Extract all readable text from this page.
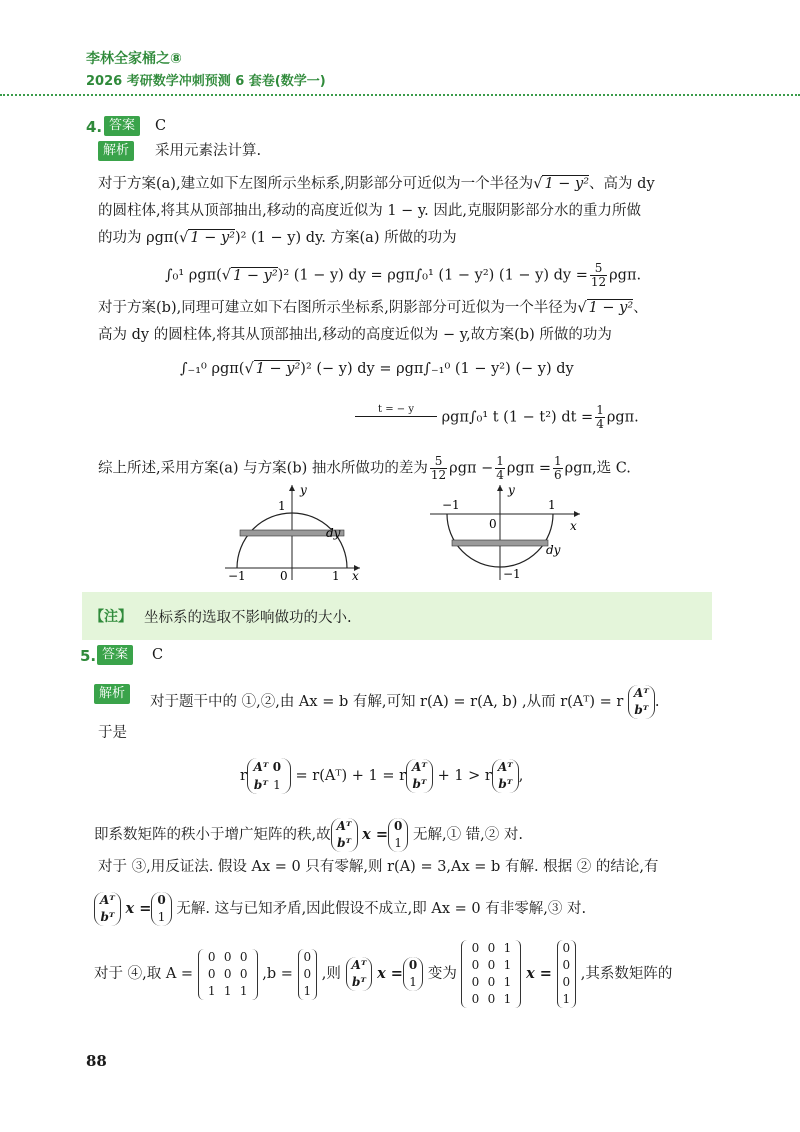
李林全家桶之⑧
2026 考研数学冲刺预测 6 套卷(数学一)
4. 答案	C
解析	采用元素法计算.
对于方案(a),建立如下左图所示坐标系,阴影部分可近似为一个半径为√ 1 − y²、高为 dy
的圆柱体,将其从顶部抽出,移动的高度近似为 1 − y. 因此,克服阴影部分水的重力所做
的功为 ρgπ(√ 1 − y²)² (1 − y) dy. 方案(a) 所做的功为
∫₀¹ ρgπ(√ 1 − y²)² (1 − y) dy = ρgπ∫₀¹ (1 − y²) (1 − y) dy = $\frac{5}{12} \rho g\pi$.
对于方案(b),同理可建立如下右图所示坐标系,阴影部分可近似为一个半径为√ 1 − y²、
高为 dy 的圆柱体,将其从顶部抽出,移动的高度近似为 − y,故方案(b) 所做的功为
∫₋₁⁰ ρgπ(√ 1 − y²)² (− y) dy = ρgπ∫₋₁⁰ (1 − y²) (− y) dy
t = − y ρgπ∫₀¹ t (1 − t²) dt = $\frac{1}{4} \rho g\pi$.
综上所述,采用方案(a) 与方案(b) 抽水所做功的差为 $\frac{5}{12}$ $\rho g\pi - \frac{1}{4}$ $\rho g\pi = \frac{1}{6} \rho g\pi$,选 C.
y
x
1
−1	0	1
dy
y
x
−1	1
0
−1
dy
【注】 坐标系的选取不影响做功的大小.
5. 答案	C
解析
对于题干中的 ①,②,由 Ax = b 有解,可知 r(A) = r(A, b) ,从而 r(Aᵀ) = r
Aᵀ
bᵀ .
于是
r
Aᵀ 0
bᵀ 1
= r(Aᵀ) + 1 = r
Aᵀ
bᵀ + 1 > r
Aᵀ
bᵀ ,
即系数矩阵的秩小于增广矩阵的秩,故
Aᵀ
bᵀ x = 0
1 无解,① 错,② 对.
对于 ③,用反证法. 假设 Ax = 0 只有零解,则 r(A) = 3,Ax = b 有解. 根据 ② 的结论,有
Aᵀ
bᵀ x = 0
1 无解. 这与已知矛盾,因此假设不成立,即 Ax = 0 有非零解,③ 对.
对于 ④,取 A =
0 0 0
0 0 0
1 1 1
,b =
0
0
1
,则
Aᵀ
bᵀ x = 0
1 变为
0 0 1
0 0 1
0 0 1
0 0 1
x =
0
0
0
1
,其系数矩阵的
88
